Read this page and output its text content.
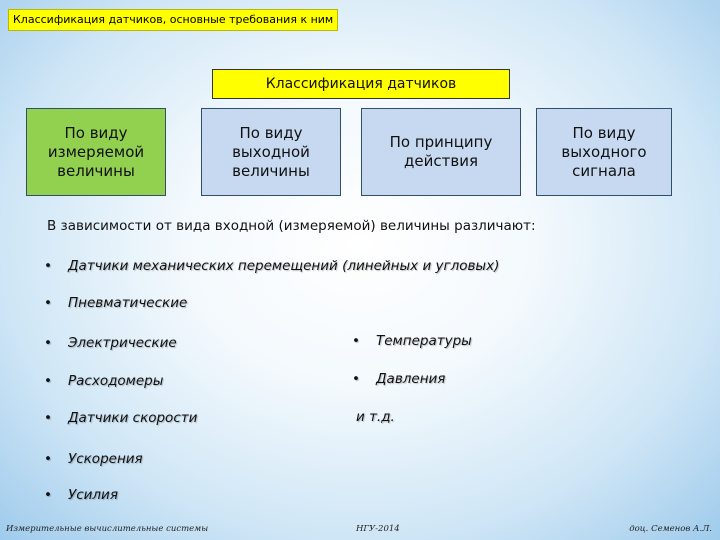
Классификация датчиков, основные требования к ним
Классификация датчиков
По виду измеряемой величины
По виду выходной величины
По принципу действия
По виду выходного сигнала
В зависимости от вида входной (измеряемой) величины различают:
• Датчики механических перемещений (линейных и угловых)
• Пневматические
• Электрические
• Расходомеры
• Датчики скорости
• Ускорения
• Усилия
• Температуры
• Давления
и т.д.
Измерительные вычислительные системы	НГУ-2014	доц. Семенов А.Л.
